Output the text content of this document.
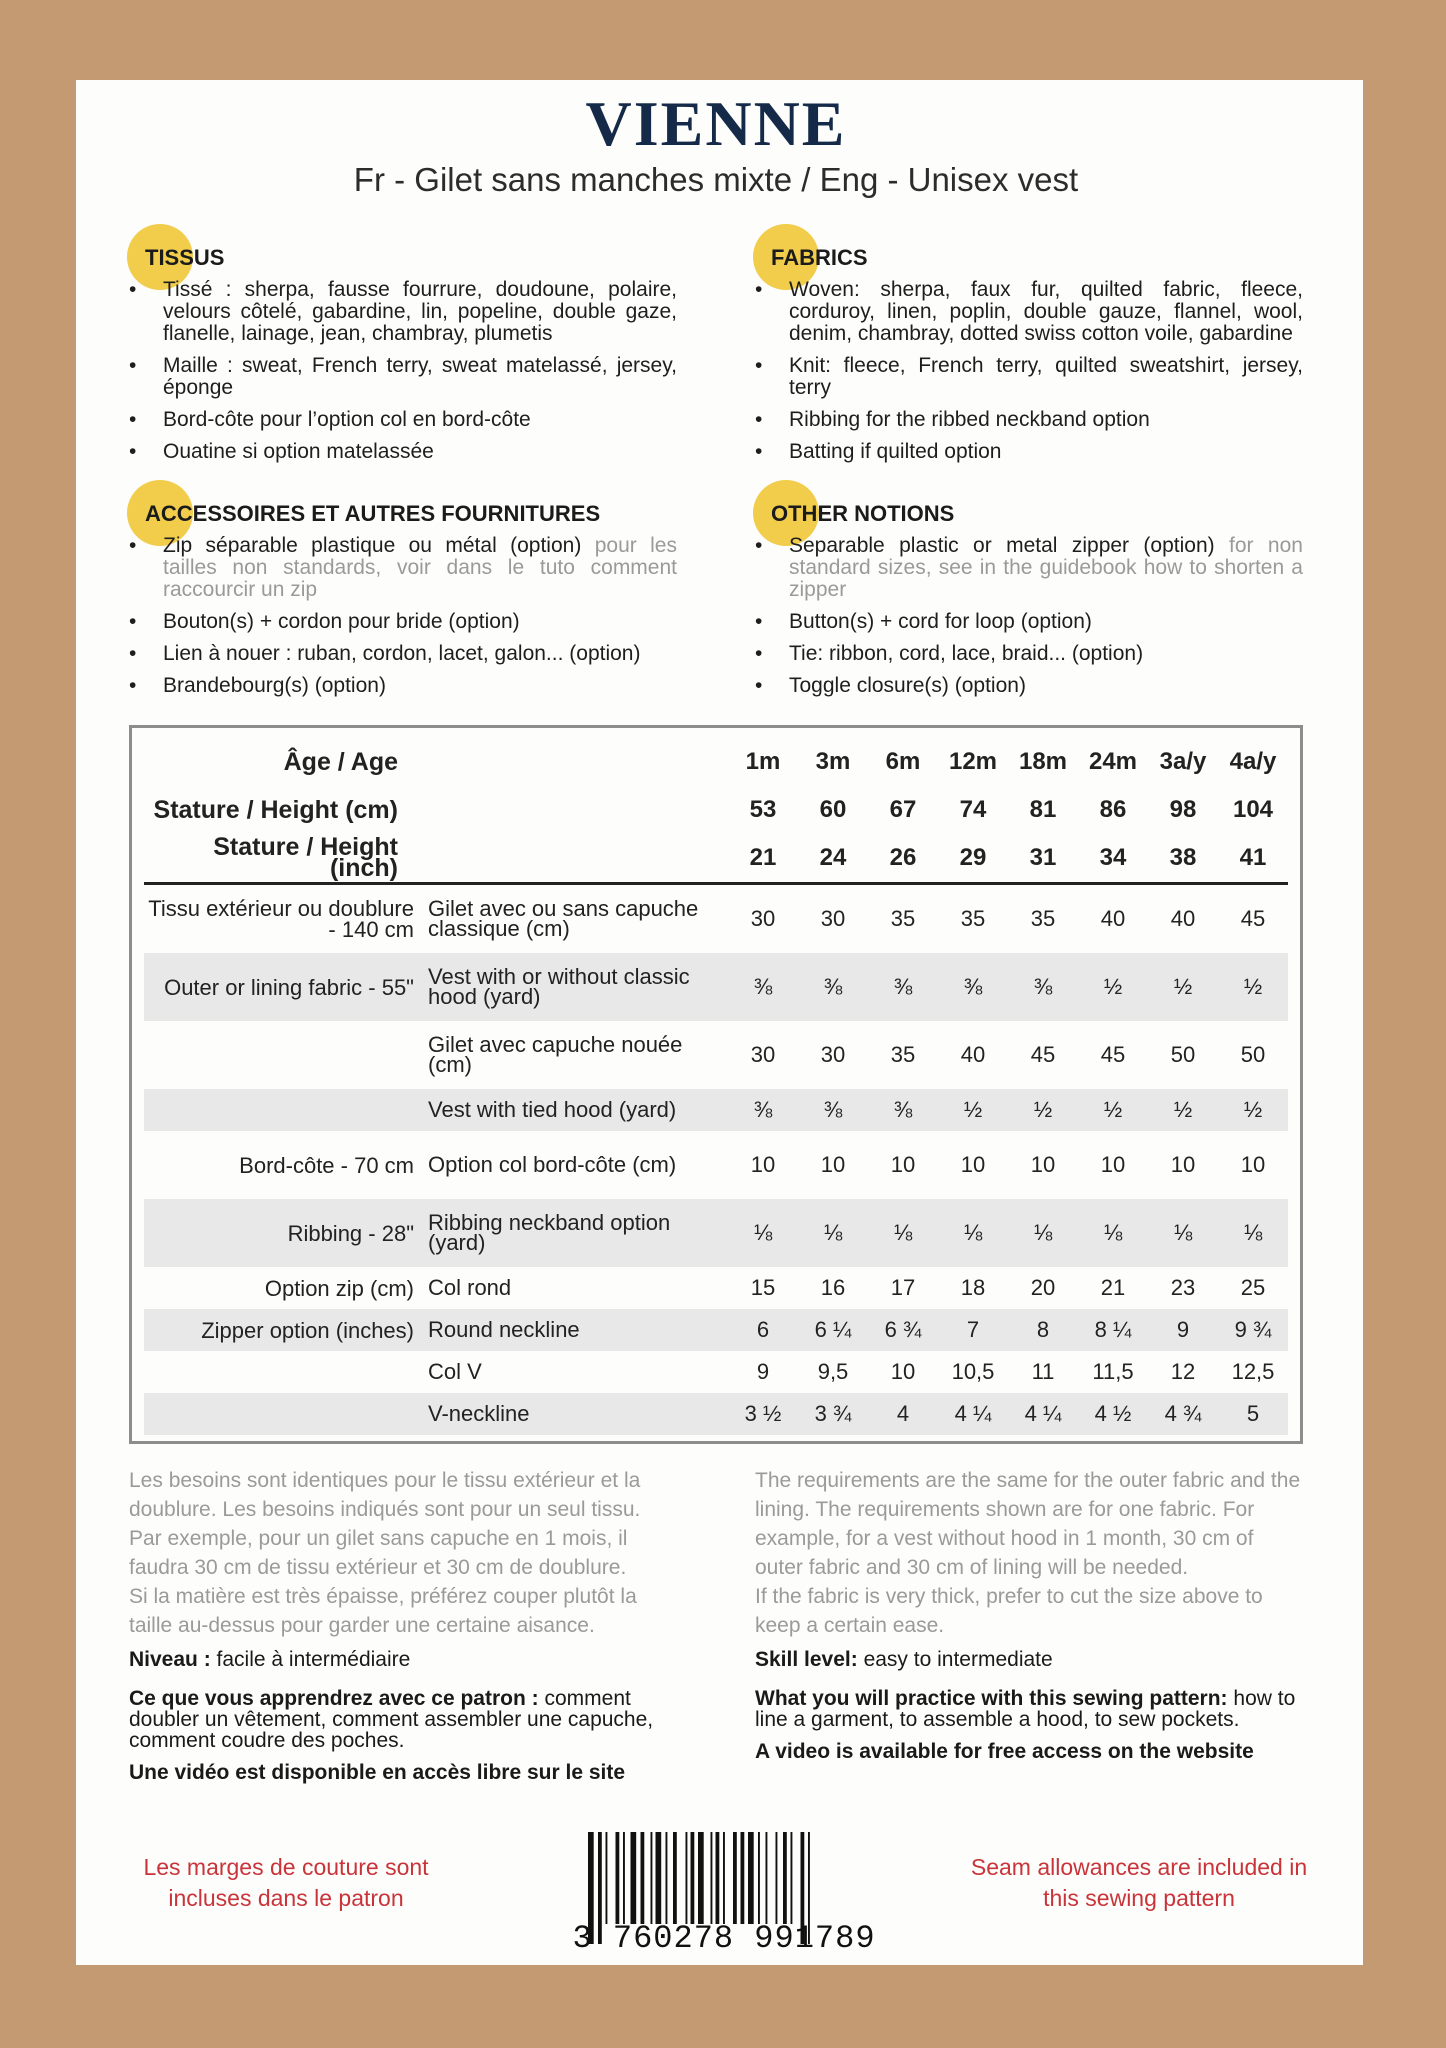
VIENNE
Fr - Gilet sans manches mixte / Eng - Unisex vest
TISSUS
• Tissé : sherpa, fausse fourrure, doudoune, polaire, velours côtelé, gabardine, lin, popeline, double gaze, flanelle, lainage, jean, chambray, plumetis
• Maille : sweat, French terry, sweat matelassé, jersey, éponge
• Bord-côte pour l’option col en bord-côte
• Ouatine si option matelassée
FABRICS
• Woven: sherpa, faux fur, quilted fabric, fleece, corduroy, linen, poplin, double gauze, flannel, wool, denim, chambray, dotted swiss cotton voile, gabardine
• Knit: fleece, French terry, quilted sweatshirt, jersey, terry
• Ribbing for the ribbed neckband option
• Batting if quilted option
ACCESSOIRES ET AUTRES FOURNITURES
• Zip séparable plastique ou métal (option) pour les tailles non standards, voir dans le tuto comment raccourcir un zip
• Bouton(s) + cordon pour bride (option)
• Lien à nouer : ruban, cordon, lacet, galon... (option)
• Brandebourg(s) (option)
OTHER NOTIONS
• Separable plastic or metal zipper (option) for non standard sizes, see in the guidebook how to shorten a zipper
• Button(s) + cord for loop (option)
• Tie: ribbon, cord, lace, braid... (option)
• Toggle closure(s) (option)
Âge / Age		1m	3m	6m	12m	18m	24m	3a/y	4a/y
Stature / Height (cm)		53	60	67	74	81	86	98	104
Stature / Height (inch)		21	24	26	29	31	34	38	41
Tissu extérieur ou doublure - 140 cm	Gilet avec ou sans capuche classique (cm)	30	30	35	35	35	40	40	45
Outer or lining fabric - 55"	Vest with or without classic hood (yard)	⅜	⅜	⅜	⅜	⅜	½	½	½
	Gilet avec capuche nouée (cm)	30	30	35	40	45	45	50	50
	Vest with tied hood (yard)	⅜	⅜	⅜	½	½	½	½	½
Bord-côte - 70 cm	Option col bord-côte (cm)	10	10	10	10	10	10	10	10
Ribbing - 28"	Ribbing neckband option (yard)	⅛	⅛	⅛	⅛	⅛	⅛	⅛	⅛
Option zip (cm)	Col rond	15	16	17	18	20	21	23	25
Zipper option (inches)	Round neckline	6	6 ¼	6 ¾	7	8	8 ¼	9	9 ¾
	Col V	9	9,5	10	10,5	11	11,5	12	12,5
	V-neckline	3 ½	3 ¾	4	4 ¼	4 ¼	4 ½	4 ¾	5
Les besoins sont identiques pour le tissu extérieur et la doublure. Les besoins indiqués sont pour un seul tissu. Par exemple, pour un gilet sans capuche en 1 mois, il faudra 30 cm de tissu extérieur et 30 cm de doublure.
Si la matière est très épaisse, préférez couper plutôt la taille au-dessus pour garder une certaine aisance.
Niveau : facile à intermédiaire
Ce que vous apprendrez avec ce patron : comment doubler un vêtement, comment assembler une capuche, comment coudre des poches.
Une vidéo est disponible en accès libre sur le site
The requirements are the same for the outer fabric and the lining. The requirements shown are for one fabric. For example, for a vest without hood in 1 month, 30 cm of outer fabric and 30 cm of lining will be needed.
If the fabric is very thick, prefer to cut the size above to keep a certain ease.
Skill level: easy to intermediate
What you will practice with this sewing pattern: how to line a garment, to assemble a hood, to sew pockets.
A video is available for free access on the website
Les marges de couture sont incluses dans le patron
3 760278 991789
Seam allowances are included in this sewing pattern
